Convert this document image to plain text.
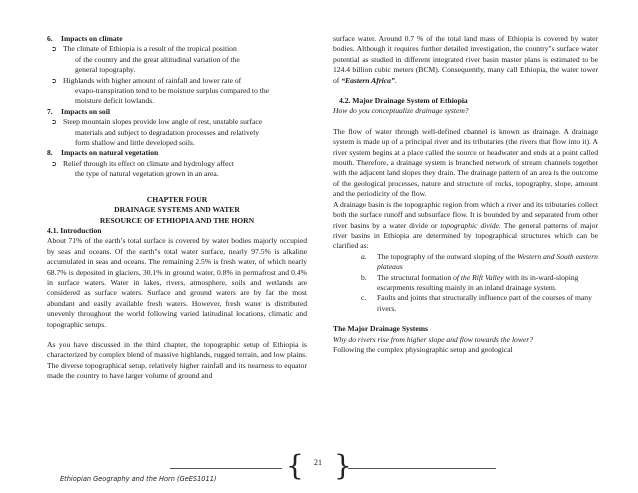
6.	Impacts on climate
➲ The climate of Ethiopia is a result of the tropical position
of the country and the great altitudinal variation of the
general topography.
➲ Highlands with higher amount of rainfall and lower rate of
evapo-transpiration tend to be moisture surplus compared to the
moisture deficit lowlands.
7.	Impacts on soil
➲ Steep mountain slopes provide low angle of rest, unstable surface
materials and subject to degradation processes and relatively
form shallow and little developed soils.
8.	Impacts on natural vegetation
➲ Relief through its effect on climate and hydrology affect
the type of natural vegetation grown in an area.

CHAPTER FOUR

DRAINAGE SYSTEMS AND WATER

RESOURCE OF ETHIOPIA AND THE HORN

4.1. Introduction

About 71% of the earth’s total surface is covered by water bodies majorly occupied by seas and oceans. Of the earth"s total water surface, nearly 97.5% is alkaline accumulated in seas and oceans. The remaining 2.5% is fresh water, of which nearly 68.7% is deposited in glaciers, 30.1% in ground water, 0.8% in permafrost and 0.4% in surface waters. Water in lakes, rivers, atmosphere, soils and wetlands are considered as surface waters. Surface and ground waters are by far the most abundant and easily available fresh waters. However, fresh water is distributed unevenly throughout the world following varied latitudinal locations, climatic and topographic setups.

As you have discussed in the third chapter, the topographic setup of Ethiopia is characterized by complex blend of massive highlands, rugged terrain, and low plains. The diverse topographical setup, relatively higher rainfall and its nearness to equator made the country to have larger volume of ground and

surface water. Around 0.7 % of the total land mass of Ethiopia is covered by water bodies. Although it requires further detailed investigation, the country"s surface water potential as studied in different integrated river basin master plans is estimated to be 124.4 billion cubic meters (BCM). Consequently, many call Ethiopia, the water tower of “Eastern Africa”.

4.2. Major Drainage System of Ethiopia

How do you conceptualize drainage system?

The flow of water through well-defined channel is known as drainage. A drainage system is made up of a principal river and its tributaries (the rivers that flow into it). A river system begins at a place called the source or headwater and ends at a point called mouth. Therefore, a drainage system is branched network of stream channels together with the adjacent land slopes they drain. The drainage pattern of an area is the outcome of the geological processes, nature and structure of rocks, topography, slope, amount and the periodicity of the flow.

A drainage basin is the topographic region from which a river and its tributaries collect both the surface runoff and subsurface flow. It is bounded by and separated from other river basins by a water divide or topographic divide. The general patterns of major river basins in Ethiopia are determined by topographical structures which can be clarified as:

a.	The topography of the outward sloping of the Western and South eastern plateaus
b.	The structural formation of the Rift Valley with its in-ward-sloping escarpments resulting mainly in an inland drainage system.
c.	Faults and joints that structurally influence part of the courses of many rivers.

The Major Drainage Systems

Why do rivers rise from higher slope and flow towards the lower?

Following the complex physiographic setup and geological

{ }
21
Ethiopian Geography and the Horn (GeES1011)
